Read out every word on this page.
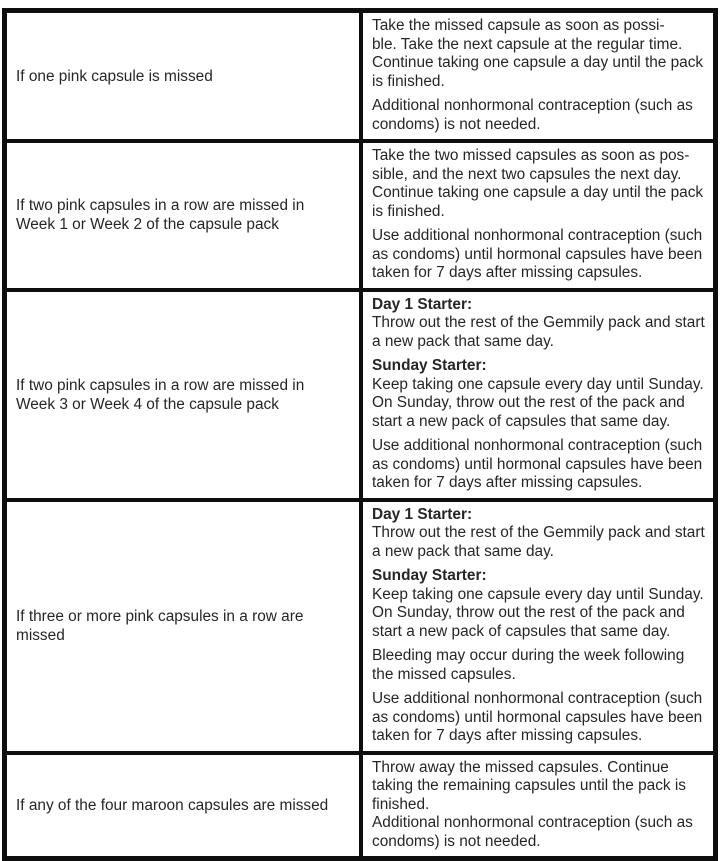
If one pink capsule is missed
Take the missed capsule as soon as possi-
ble. Take the next capsule at the regular time.
Continue taking one capsule a day until the pack
is finished.
Additional nonhormonal contraception (such as
condoms) is not needed.
If two pink capsules in a row are missed in
Week 1 or Week 2 of the capsule pack
Take the two missed capsules as soon as pos-
sible, and the next two capsules the next day.
Continue taking one capsule a day until the pack
is finished.
Use additional nonhormonal contraception (such
as condoms) until hormonal capsules have been
taken for 7 days after missing capsules.
If two pink capsules in a row are missed in
Week 3 or Week 4 of the capsule pack
Day 1 Starter:
Throw out the rest of the Gemmily pack and start
a new pack that same day.
Sunday Starter:
Keep taking one capsule every day until Sunday.
On Sunday, throw out the rest of the pack and
start a new pack of capsules that same day.
Use additional nonhormonal contraception (such
as condoms) until hormonal capsules have been
taken for 7 days after missing capsules.
If three or more pink capsules in a row are
missed
Day 1 Starter:
Throw out the rest of the Gemmily pack and start
a new pack that same day.
Sunday Starter:
Keep taking one capsule every day until Sunday.
On Sunday, throw out the rest of the pack and
start a new pack of capsules that same day.
Bleeding may occur during the week following
the missed capsules.
Use additional nonhormonal contraception (such
as condoms) until hormonal capsules have been
taken for 7 days after missing capsules.
If any of the four maroon capsules are missed
Throw away the missed capsules. Continue
taking the remaining capsules until the pack is
finished.
Additional nonhormonal contraception (such as
condoms) is not needed.
